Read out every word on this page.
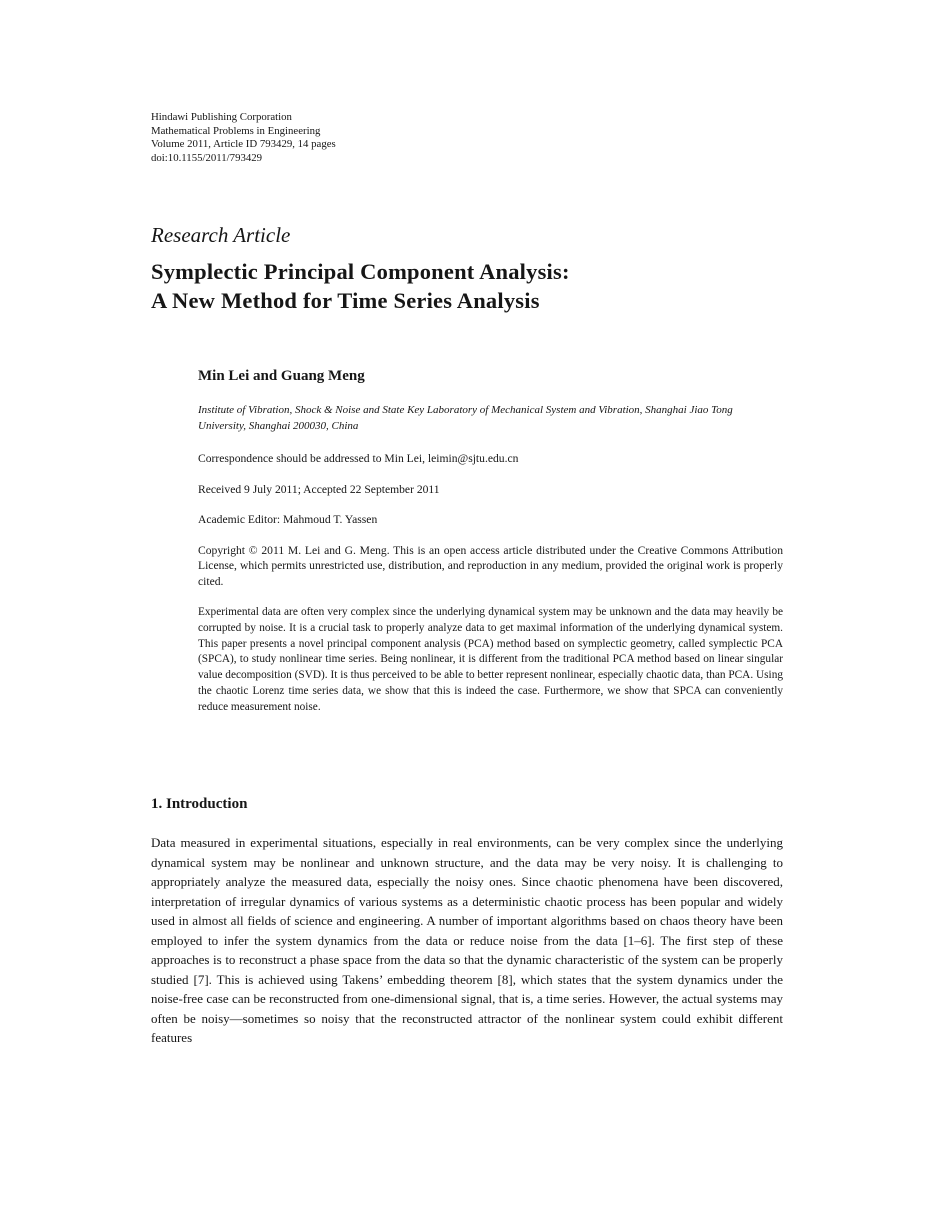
Hindawi Publishing Corporation
Mathematical Problems in Engineering
Volume 2011, Article ID 793429, 14 pages
doi:10.1155/2011/793429
Research Article
Symplectic Principal Component Analysis:
A New Method for Time Series Analysis
Min Lei and Guang Meng
Institute of Vibration, Shock & Noise and State Key Laboratory of Mechanical System and Vibration, Shanghai Jiao Tong University, Shanghai 200030, China
Correspondence should be addressed to Min Lei, leimin@sjtu.edu.cn
Received 9 July 2011; Accepted 22 September 2011
Academic Editor: Mahmoud T. Yassen
Copyright © 2011 M. Lei and G. Meng. This is an open access article distributed under the Creative Commons Attribution License, which permits unrestricted use, distribution, and reproduction in any medium, provided the original work is properly cited.
Experimental data are often very complex since the underlying dynamical system may be unknown and the data may heavily be corrupted by noise. It is a crucial task to properly analyze data to get maximal information of the underlying dynamical system. This paper presents a novel principal component analysis (PCA) method based on symplectic geometry, called symplectic PCA (SPCA), to study nonlinear time series. Being nonlinear, it is different from the traditional PCA method based on linear singular value decomposition (SVD). It is thus perceived to be able to better represent nonlinear, especially chaotic data, than PCA. Using the chaotic Lorenz time series data, we show that this is indeed the case. Furthermore, we show that SPCA can conveniently reduce measurement noise.
1. Introduction

Data measured in experimental situations, especially in real environments, can be very complex since the underlying dynamical system may be nonlinear and unknown structure, and the data may be very noisy. It is challenging to appropriately analyze the measured data, especially the noisy ones. Since chaotic phenomena have been discovered, interpretation of irregular dynamics of various systems as a deterministic chaotic process has been popular and widely used in almost all fields of science and engineering. A number of important algorithms based on chaos theory have been employed to infer the system dynamics from the data or reduce noise from the data [1–6]. The first step of these approaches is to reconstruct a phase space from the data so that the dynamic characteristic of the system can be properly studied [7]. This is achieved using Takens’ embedding theorem [8], which states that the system dynamics under the noise-free case can be reconstructed from one-dimensional signal, that is, a time series. However, the actual systems may often be noisy—sometimes so noisy that the reconstructed attractor of the nonlinear system could exhibit different features
